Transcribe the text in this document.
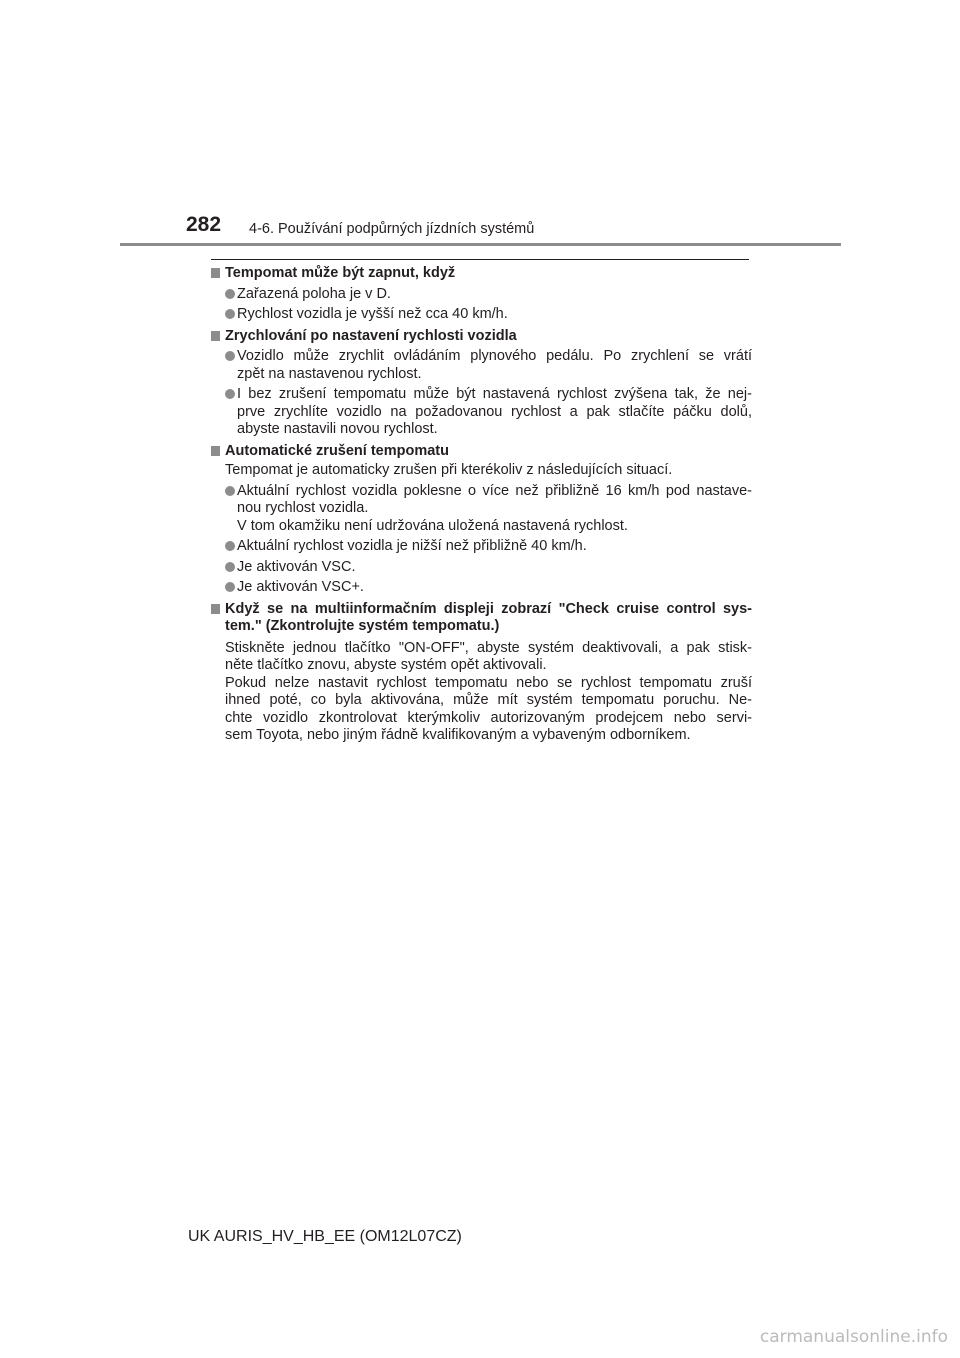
282 4-6. Používání podpůrných jízdních systémů
Tempomat může být zapnut, když
Zařazená poloha je v D.
Rychlost vozidla je vyšší než cca 40 km/h.
Zrychlování po nastavení rychlosti vozidla
Vozidlo může zrychlit ovládáním plynového pedálu. Po zrychlení se vrátí
zpět na nastavenou rychlost.
I bez zrušení tempomatu může být nastavená rychlost zvýšena tak, že nej-
prve zrychlíte vozidlo na požadovanou rychlost a pak stlačíte páčku dolů,
abyste nastavili novou rychlost.
Automatické zrušení tempomatu
Tempomat je automaticky zrušen při kterékoliv z následujících situací.
Aktuální rychlost vozidla poklesne o více než přibližně 16 km/h pod nastave-
nou rychlost vozidla.
V tom okamžiku není udržována uložená nastavená rychlost.
Aktuální rychlost vozidla je nižší než přibližně 40 km/h.
Je aktivován VSC.
Je aktivován VSC+.
Když se na multiinformačním displeji zobrazí "Check cruise control sys-
tem." (Zkontrolujte systém tempomatu.)
Stiskněte jednou tlačítko "ON-OFF", abyste systém deaktivovali, a pak stisk-
něte tlačítko znovu, abyste systém opět aktivovali.
Pokud nelze nastavit rychlost tempomatu nebo se rychlost tempomatu zruší
ihned poté, co byla aktivována, může mít systém tempomatu poruchu. Ne-
chte vozidlo zkontrolovat kterýmkoliv autorizovaným prodejcem nebo servi-
sem Toyota, nebo jiným řádně kvalifikovaným a vybaveným odborníkem.
UK AURIS_HV_HB_EE (OM12L07CZ)
carmanualsonline.info
